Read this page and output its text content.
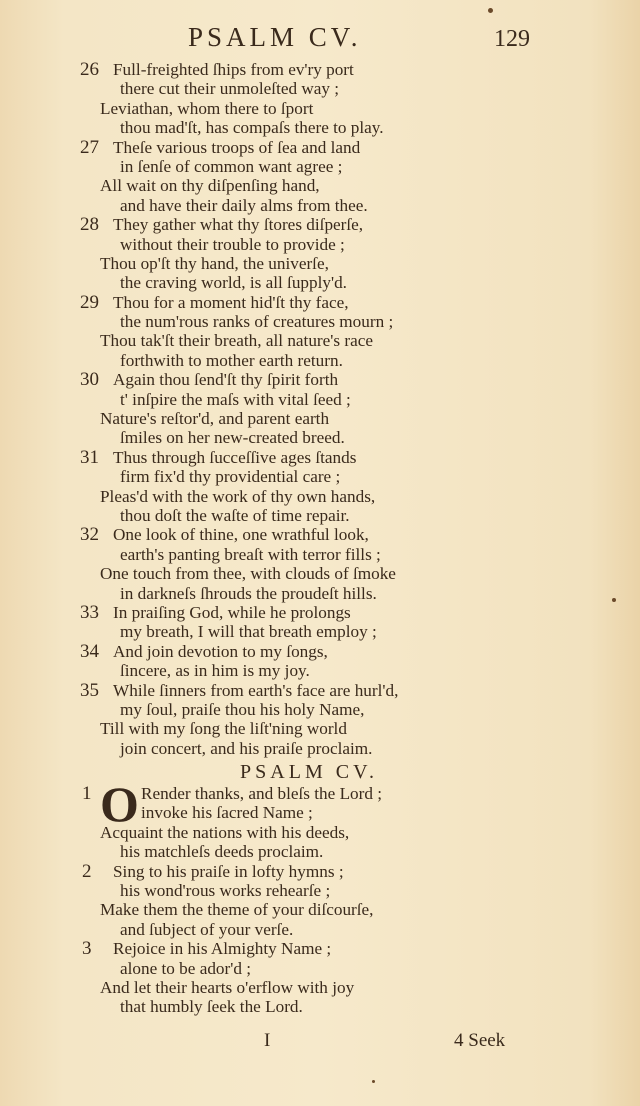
PSALM CV.	129
26 Full-freighted ſhips from ev'ry port
there cut their unmoleſted way ;
Leviathan, whom there to ſport
thou mad'ſt, has compaſs there to play.
27 Theſe various troops of ſea and land
in ſenſe of common want agree ;
All wait on thy diſpenſing hand,
and have their daily alms from thee.
28 They gather what thy ſtores diſperſe,
without their trouble to provide ;
Thou op'ſt thy hand, the univerſe,
the craving world, is all ſupply'd.
29 Thou for a moment hid'ſt thy face,
the num'rous ranks of creatures mourn ;
Thou tak'ſt their breath, all nature's race
forthwith to mother earth return.
30 Again thou ſend'ſt thy ſpirit forth
t' inſpire the maſs with vital ſeed ;
Nature's reſtor'd, and parent earth
ſmiles on her new-created breed.
31 Thus through ſucceſſive ages ſtands
firm fix'd thy providential care ;
Pleas'd with the work of thy own hands,
thou doſt the waſte of time repair.
32 One look of thine, one wrathful look,
earth's panting breaſt with terror fills ;
One touch from thee, with clouds of ſmoke
in darkneſs ſhrouds the proudeſt hills.
33 In praiſing God, while he prolongs
my breath, I will that breath employ ;
34 And join devotion to my ſongs,
ſincere, as in him is my joy.
35 While ſinners from earth's face are hurl'd,
my ſoul, praiſe thou his holy Name,
Till with my ſong the liſt'ning world
join concert, and his praiſe proclaim.
PSALM CV.
O
1	Render thanks, and bleſs the Lord ;
invoke his ſacred Name ;
Acquaint the nations with his deeds,
his matchleſs deeds proclaim.
2	Sing to his praiſe in lofty hymns ;
his wond'rous works rehearſe ;
Make them the theme of your diſcourſe,
and ſubject of your verſe.
3	Rejoice in his Almighty Name ;
alone to be ador'd ;
And let their hearts o'erflow with joy
that humbly ſeek the Lord.
I	4 Seek
